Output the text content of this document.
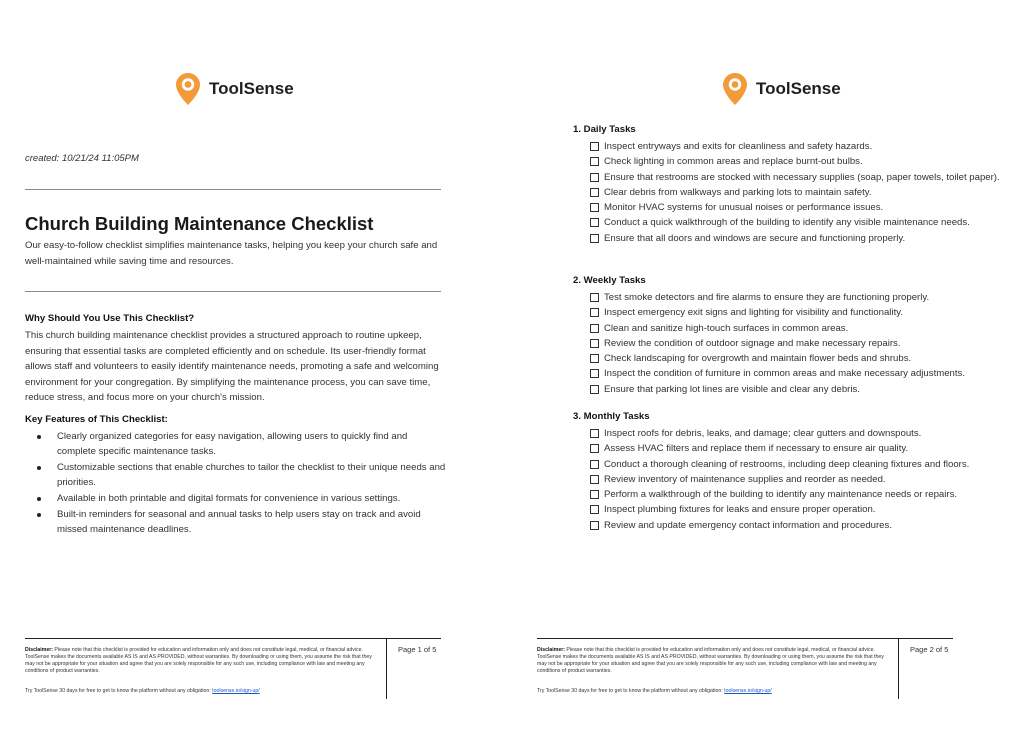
ToolSense
created: 10/21/24 11:05PM
Church Building Maintenance Checklist

Our easy-to-follow checklist simplifies maintenance tasks, helping you keep your church safe and well-maintained while saving time and resources.

Why Should You Use This Checklist?

This church building maintenance checklist provides a structured approach to routine upkeep, ensuring that essential tasks are completed efficiently and on schedule. Its user-friendly format allows staff and volunteers to easily identify maintenance needs, promoting a safe and welcoming environment for your congregation. By simplifying the maintenance process, you can save time, reduce stress, and focus more on your church's mission.

Key Features of This Checklist:
Clearly organized categories for easy navigation, allowing users to quickly find and complete specific maintenance tasks.
Customizable sections that enable churches to tailor the checklist to their unique needs and priorities.
Available in both printable and digital formats for convenience in various settings.
Built-in reminders for seasonal and annual tasks to help users stay on track and avoid missed maintenance deadlines.

Disclaimer: Please note that this checklist is provided for education and information only and does not constitute legal, medical, or financial advice. ToolSense makes the documents available AS IS and AS PROVIDED, without warranties. By downloading or using them, you assume the risk that they may not be appropriate for your situation and agree that you are solely responsible for any such use, including compliance with law and meeting any conditions of product warranties.

Try ToolSense 30 days for free to get to know the platform without any obligation: toolsense.io/sign-up/
Page 1 of 5
ToolSense
1. Daily Tasks
Inspect entryways and exits for cleanliness and safety hazards.
Check lighting in common areas and replace burnt-out bulbs.
Ensure that restrooms are stocked with necessary supplies (soap, paper towels, toilet paper).
Clear debris from walkways and parking lots to maintain safety.
Monitor HVAC systems for unusual noises or performance issues.
Conduct a quick walkthrough of the building to identify any visible maintenance needs.
Ensure that all doors and windows are secure and functioning properly.
2. Weekly Tasks
Test smoke detectors and fire alarms to ensure they are functioning properly.
Inspect emergency exit signs and lighting for visibility and functionality.
Clean and sanitize high-touch surfaces in common areas.
Review the condition of outdoor signage and make necessary repairs.
Check landscaping for overgrowth and maintain flower beds and shrubs.
Inspect the condition of furniture in common areas and make necessary adjustments.
Ensure that parking lot lines are visible and clear any debris.
3. Monthly Tasks
Inspect roofs for debris, leaks, and damage; clear gutters and downspouts.
Assess HVAC filters and replace them if necessary to ensure air quality.
Conduct a thorough cleaning of restrooms, including deep cleaning fixtures and floors.
Review inventory of maintenance supplies and reorder as needed.
Perform a walkthrough of the building to identify any maintenance needs or repairs.
Inspect plumbing fixtures for leaks and ensure proper operation.
Review and update emergency contact information and procedures.

Disclaimer: Please note that this checklist is provided for education and information only and does not constitute legal, medical, or financial advice. ToolSense makes the documents available AS IS and AS PROVIDED, without warranties. By downloading or using them, you assume the risk that they may not be appropriate for your situation and agree that you are solely responsible for any such use, including compliance with law and meeting any conditions of product warranties.

Try ToolSense 30 days for free to get to know the platform without any obligation: toolsense.io/sign-up/
Page 2 of 5
